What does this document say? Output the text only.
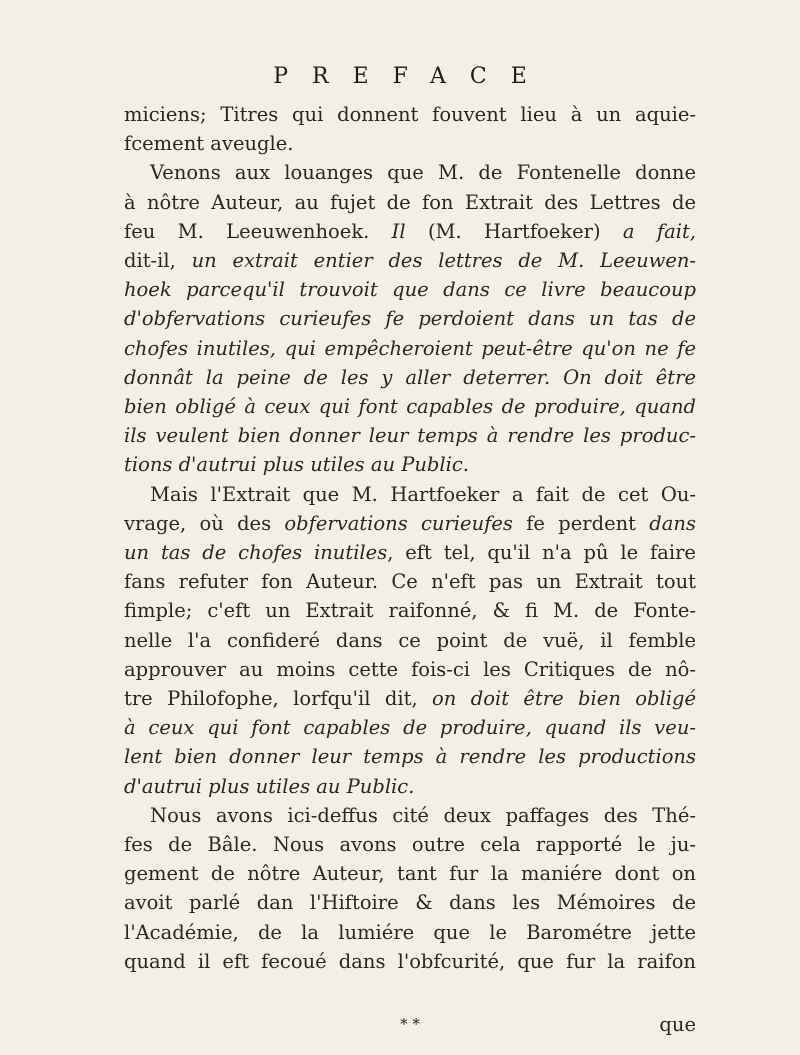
PREFACE
miciens; Titres qui donnent fouvent lieu à un aquie-
fcement aveugle.
Venons aux louanges que M. de Fontenelle donne
à nôtre Auteur, au fujet de fon Extrait des Lettres de
feu M. Leeuwenhoek. Il (M. Hartfoeker) a fait,
dit-il, un extrait entier des lettres de M. Leeuwen-
hoek parcequ'il trouvoit que dans ce livre beaucoup
d'obfervations curieufes fe perdoient dans un tas de
chofes inutiles, qui empêcheroient peut-être qu'on ne fe
donnât la peine de les y aller deterrer. On doit être
bien obligé à ceux qui font capables de produire, quand
ils veulent bien donner leur temps à rendre les produc-
tions d'autrui plus utiles au Public.
Mais l'Extrait que M. Hartfoeker a fait de cet Ou-
vrage, où des obfervations curieufes fe perdent dans
un tas de chofes inutiles, eft tel, qu'il n'a pû le faire
fans refuter fon Auteur. Ce n'eft pas un Extrait tout
fimple; c'eft un Extrait raifonné, & fi M. de Fonte-
nelle l'a confideré dans ce point de vuë, il femble
approuver au moins cette fois-ci les Critiques de nô-
tre Philofophe, lorfqu'il dit, on doit être bien obligé
à ceux qui font capables de produire, quand ils veu-
lent bien donner leur temps à rendre les productions
d'autrui plus utiles au Public.
Nous avons ici-deffus cité deux paffages des Thé-
fes de Bâle. Nous avons outre cela rapporté le ju-
gement de nôtre Auteur, tant fur la maniére dont on
avoit parlé dan l'Hiftoire & dans les Mémoires de
l'Académie, de la lumiére que le Barométre jette
quand il eft fecoué dans l'obfcurité, que fur la raifon
* *	que
